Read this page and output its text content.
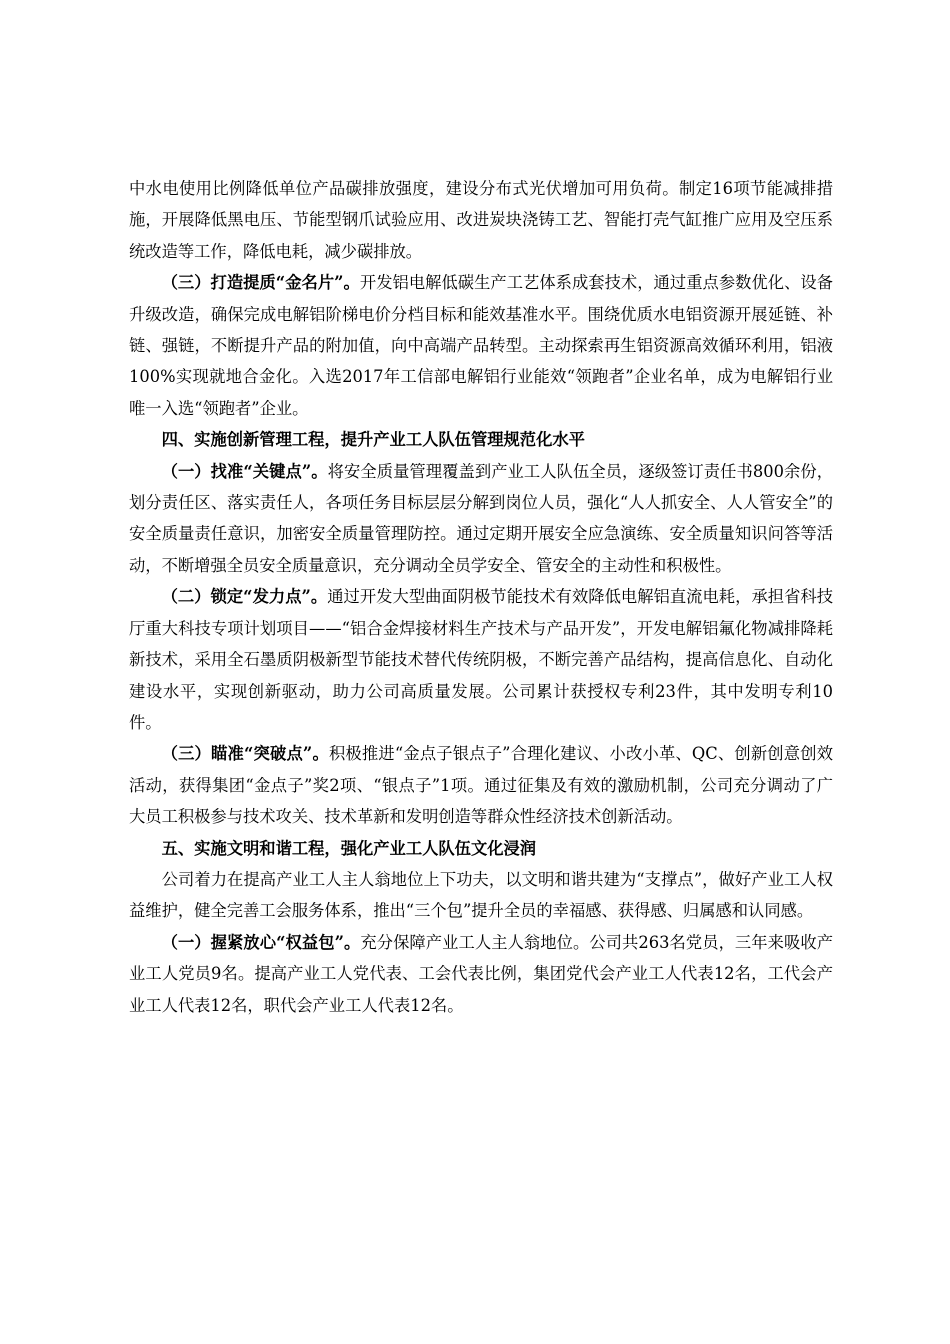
中水电使用比例降低单位产品碳排放强度，建设分布式光伏增加可用负荷。制定16项节能减排措施，开展降低黑电压、节能型钢爪试验应用、改进炭块浇铸工艺、智能打壳气缸推广应用及空压系统改造等工作，降低电耗，减少碳排放。

（三）打造提质“金名片”。开发铝电解低碳生产工艺体系成套技术，通过重点参数优化、设备升级改造，确保完成电解铝阶梯电价分档目标和能效基准水平。围绕优质水电铝资源开展延链、补链、强链，不断提升产品的附加值，向中高端产品转型。主动探索再生铝资源高效循环利用，铝液100%实现就地合金化。入选2017年工信部电解铝行业能效“领跑者”企业名单，成为电解铝行业唯一入选“领跑者”企业。

四、实施创新管理工程，提升产业工人队伍管理规范化水平

（一）找准“关键点”。将安全质量管理覆盖到产业工人队伍全员，逐级签订责任书800余份，划分责任区、落实责任人，各项任务目标层层分解到岗位人员，强化“人人抓安全、人人管安全”的安全质量责任意识，加密安全质量管理防控。通过定期开展安全应急演练、安全质量知识问答等活动，不断增强全员安全质量意识，充分调动全员学安全、管安全的主动性和积极性。

（二）锁定“发力点”。通过开发大型曲面阴极节能技术有效降低电解铝直流电耗，承担省科技厅重大科技专项计划项目——“铝合金焊接材料生产技术与产品开发”，开发电解铝氟化物减排降耗新技术，采用全石墨质阴极新型节能技术替代传统阴极，不断完善产品结构，提高信息化、自动化建设水平，实现创新驱动，助力公司高质量发展。公司累计获授权专利23件，其中发明专利10件。

（三）瞄准“突破点”。积极推进“金点子银点子”合理化建议、小改小革、QC、创新创意创效活动，获得集团“金点子”奖2项、“银点子”1项。通过征集及有效的激励机制，公司充分调动了广大员工积极参与技术攻关、技术革新和发明创造等群众性经济技术创新活动。

五、实施文明和谐工程，强化产业工人队伍文化浸润

公司着力在提高产业工人主人翁地位上下功夫，以文明和谐共建为“支撑点”，做好产业工人权益维护，健全完善工会服务体系，推出“三个包”提升全员的幸福感、获得感、归属感和认同感。

（一）握紧放心“权益包”。充分保障产业工人主人翁地位。公司共263名党员，三年来吸收产业工人党员9名。提高产业工人党代表、工会代表比例，集团党代会产业工人代表12名，工代会产业工人代表12名，职代会产业工人代表12名。
